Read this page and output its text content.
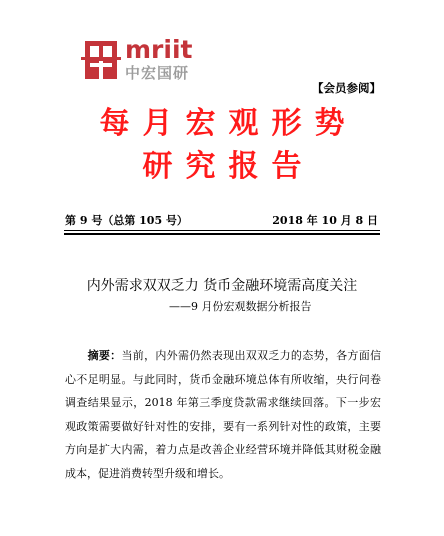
mriit
中宏国研
【会员参阅】
每月宏观形势
研究报告
第 9 号（总第 105 号）	2018 年 10 月 8 日
内外需求双双乏力 货币金融环境需高度关注
——9 月份宏观数据分析报告
　　摘要：当前，内外需仍然表现出双双乏力的态势，各方面信心不足明显。与此同时，货币金融环境总体有所收缩，央行问卷调查结果显示，2018 年第三季度贷款需求继续回落。下一步宏观政策需要做好针对性的安排，要有一系列针对性的政策，主要方向是扩大内需，着力点是改善企业经营环境并降低其财税金融成本，促进消费转型升级和增长。
